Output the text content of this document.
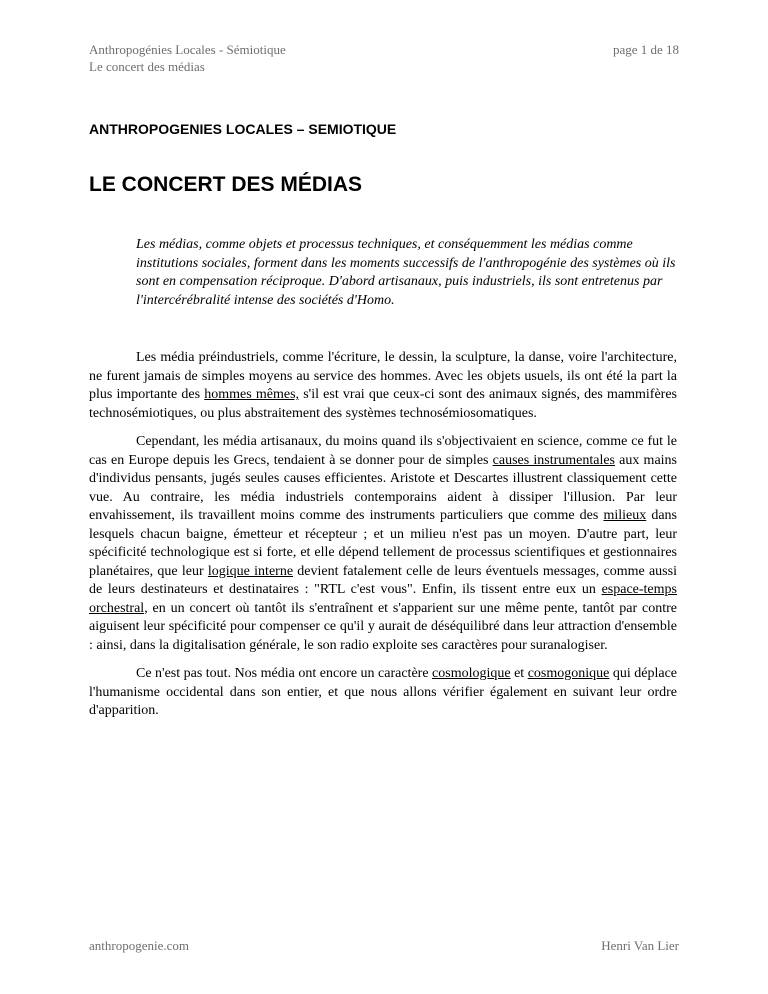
Anthropogénies Locales - Sémiotique
Le concert des médias
page 1 de 18
ANTHROPOGENIES LOCALES – SEMIOTIQUE
LE CONCERT DES MÉDIAS

Les médias, comme objets et processus techniques, et conséquemment les médias comme institutions sociales, forment dans les moments successifs de l'anthropogénie des systèmes où ils sont en compensation réciproque. D'abord artisanaux, puis industriels, ils sont entretenus par l'intercérébralité intense des sociétés d'Homo.

Les média préindustriels, comme l'écriture, le dessin, la sculpture, la danse, voire l'architecture, ne furent jamais de simples moyens au service des hommes. Avec les objets usuels, ils ont été la part la plus importante des hommes mêmes, s'il est vrai que ceux-ci sont des animaux signés, des mammifères technosémiotiques, ou plus abstraitement des systèmes technosémiosomatiques.

Cependant, les média artisanaux, du moins quand ils s'objectivaient en science, comme ce fut le cas en Europe depuis les Grecs, tendaient à se donner pour de simples causes instrumentales aux mains d'individus pensants, jugés seules causes efficientes. Aristote et Descartes illustrent classiquement cette vue. Au contraire, les média industriels contemporains aident à dissiper l'illusion. Par leur envahissement, ils travaillent moins comme des instruments particuliers que comme des milieux dans lesquels chacun baigne, émetteur et récepteur ; et un milieu n'est pas un moyen. D'autre part, leur spécificité technologique est si forte, et elle dépend tellement de processus scientifiques et gestionnaires planétaires, que leur logique interne devient fatalement celle de leurs éventuels messages, comme aussi de leurs destinateurs et destinataires : "RTL c'est vous". Enfin, ils tissent entre eux un espace-temps orchestral, en un concert où tantôt ils s'entraînent et s'apparient sur une même pente, tantôt par contre aiguisent leur spécificité pour compenser ce qu'il y aurait de déséquilibré dans leur attraction d'ensemble : ainsi, dans la digitalisation générale, le son radio exploite ses caractères pour suranalogiser.

Ce n'est pas tout. Nos média ont encore un caractère cosmologique et cosmogonique qui déplace l'humanisme occidental dans son entier, et que nous allons vérifier également en suivant leur ordre d'apparition.

anthropogenie.com	Henri Van Lier
